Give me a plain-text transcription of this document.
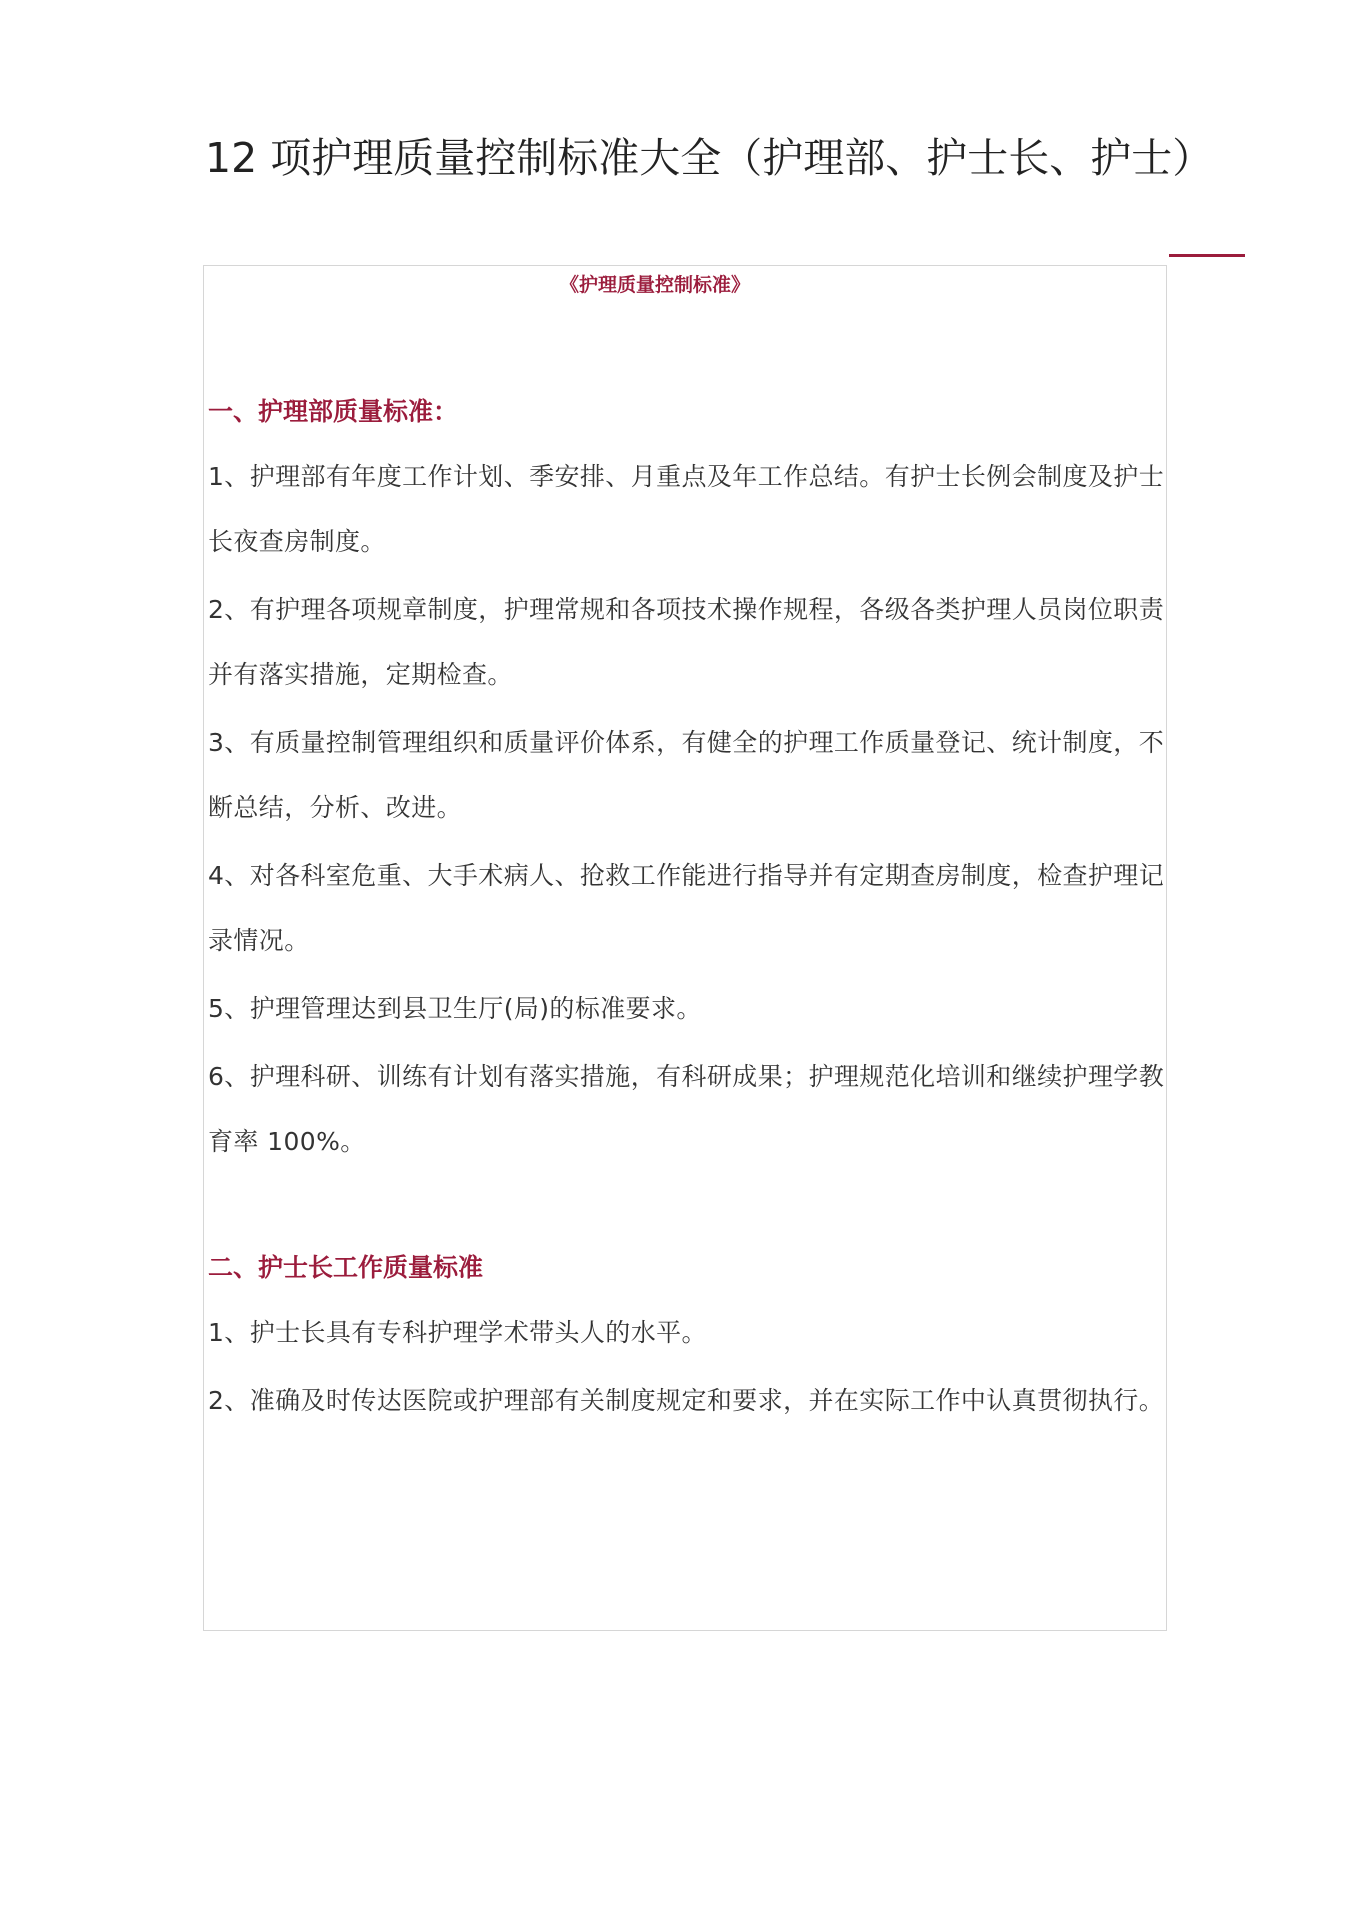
12 项护理质量控制标准大全（护理部、护士长、护士）
《护理质量控制标准》
一、护理部质量标准：
1、护理部有年度工作计划、季安排、月重点及年工作总结。有护士长例会制度及护士长夜查房制度。
2、有护理各项规章制度，护理常规和各项技术操作规程，各级各类护理人员岗位职责并有落实措施，定期检查。
3、有质量控制管理组织和质量评价体系，有健全的护理工作质量登记、统计制度，不断总结，分析、改进。
4、对各科室危重、大手术病人、抢救工作能进行指导并有定期查房制度，检查护理记录情况。
5、护理管理达到县卫生厅(局)的标准要求。
6、护理科研、训练有计划有落实措施，有科研成果；护理规范化培训和继续护理学教育率 100%。
二、护士长工作质量标准
1、护士长具有专科护理学术带头人的水平。
2、准确及时传达医院或护理部有关制度规定和要求，并在实际工作中认真贯彻执行。
